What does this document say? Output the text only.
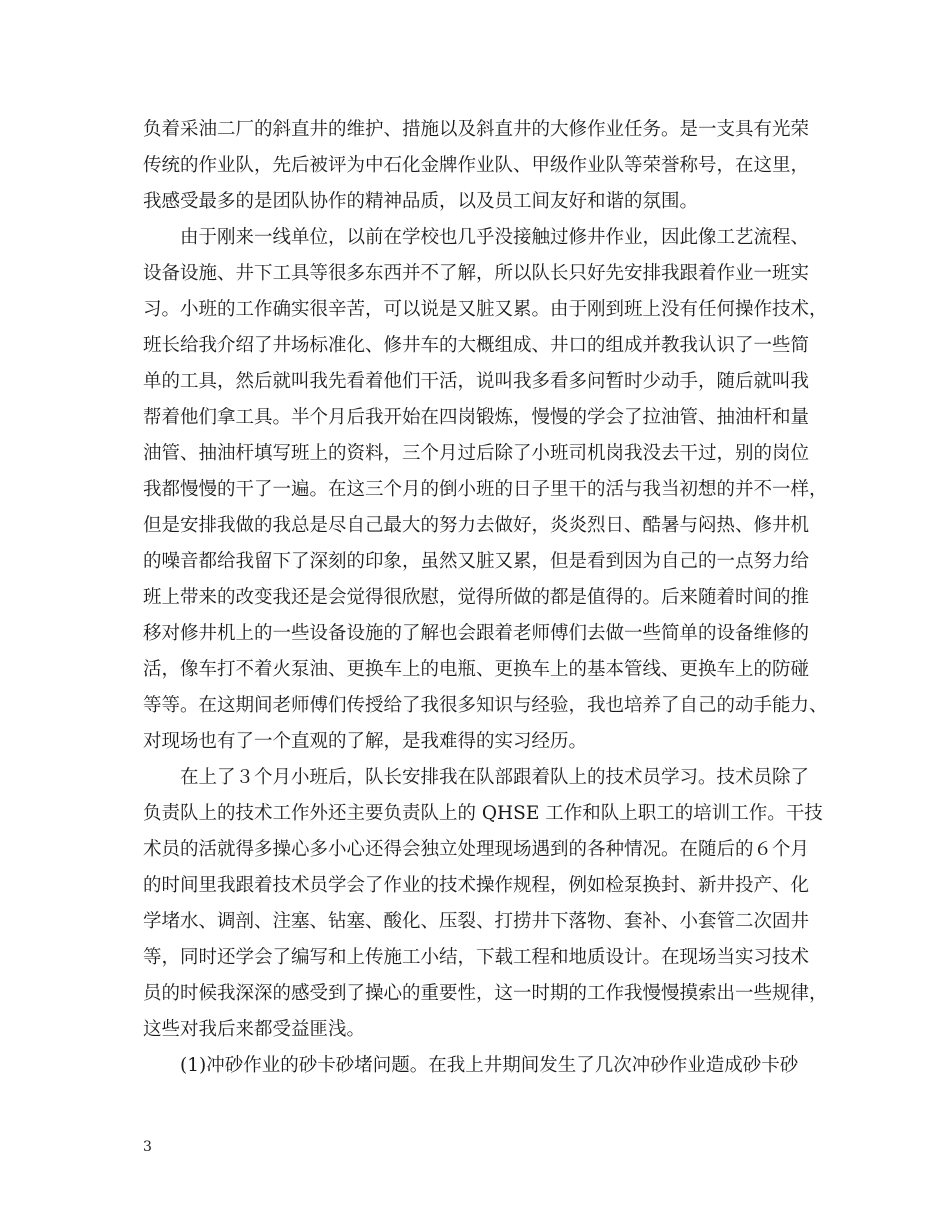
负着采油二厂的斜直井的维护、措施以及斜直井的大修作业任务。是一支具有光荣
传统的作业队，先后被评为中石化金牌作业队、甲级作业队等荣誉称号，在这里，
我感受最多的是团队协作的精神品质，以及员工间友好和谐的氛围。
　　由于刚来一线单位，以前在学校也几乎没接触过修井作业，因此像工艺流程、
设备设施、井下工具等很多东西并不了解，所以队长只好先安排我跟着作业一班实
习。小班的工作确实很辛苦，可以说是又脏又累。由于刚到班上没有任何操作技术，
班长给我介绍了井场标准化、修井车的大概组成、井口的组成并教我认识了一些简
单的工具，然后就叫我先看着他们干活，说叫我多看多问暂时少动手，随后就叫我
帮着他们拿工具。半个月后我开始在四岗锻炼，慢慢的学会了拉油管、抽油杆和量
油管、抽油杆填写班上的资料，三个月过后除了小班司机岗我没去干过，别的岗位
我都慢慢的干了一遍。在这三个月的倒小班的日子里干的活与我当初想的并不一样，
但是安排我做的我总是尽自己最大的努力去做好，炎炎烈日、酷暑与闷热、修井机
的噪音都给我留下了深刻的印象，虽然又脏又累，但是看到因为自己的一点努力给
班上带来的改变我还是会觉得很欣慰，觉得所做的都是值得的。后来随着时间的推
移对修井机上的一些设备设施的了解也会跟着老师傅们去做一些简单的设备维修的
活，像车打不着火泵油、更换车上的电瓶、更换车上的基本管线、更换车上的防碰
等等。在这期间老师傅们传授给了我很多知识与经验，我也培养了自己的动手能力、
对现场也有了一个直观的了解，是我难得的实习经历。
　　在上了３个月小班后，队长安排我在队部跟着队上的技术员学习。技术员除了
负责队上的技术工作外还主要负责队上的 QHSE 工作和队上职工的培训工作。干技
术员的活就得多操心多小心还得会独立处理现场遇到的各种情况。在随后的６个月
的时间里我跟着技术员学会了作业的技术操作规程，例如检泵换封、新井投产、化
学堵水、调剖、注塞、钻塞、酸化、压裂、打捞井下落物、套补、小套管二次固井
等，同时还学会了编写和上传施工小结，下载工程和地质设计。在现场当实习技术
员的时候我深深的感受到了操心的重要性，这一时期的工作我慢慢摸索出一些规律，
这些对我后来都受益匪浅。
　　(1)冲砂作业的砂卡砂堵问题。在我上井期间发生了几次冲砂作业造成砂卡砂
3
